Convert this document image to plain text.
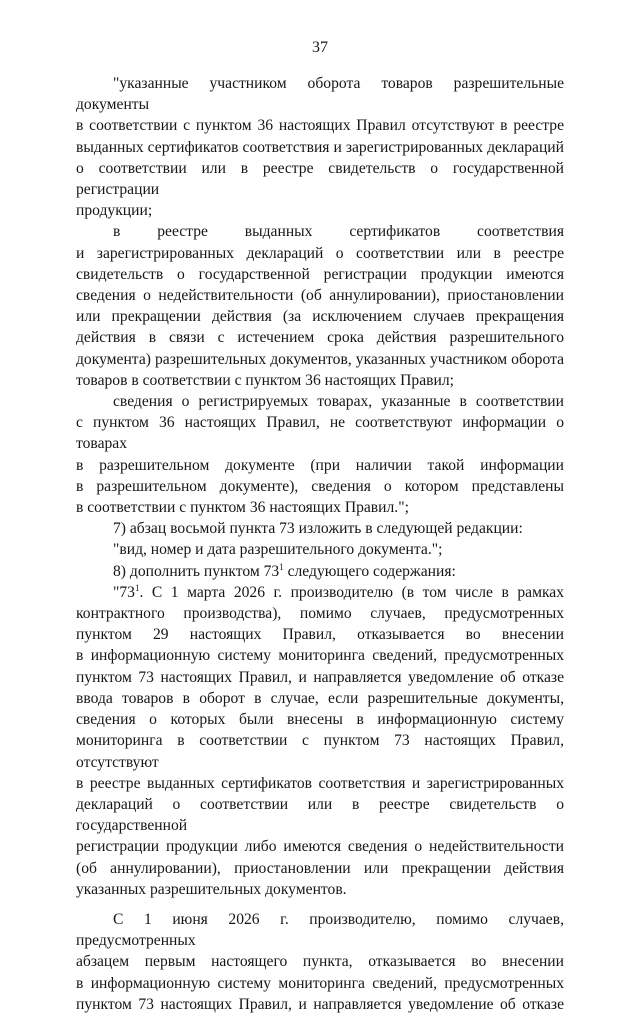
37

"указанные участником оборота товаров разрешительные документы
в соответствии с пунктом 36 настоящих Правил отсутствуют в реестре
выданных сертификатов соответствия и зарегистрированных деклараций
о соответствии или в реестре свидетельств о государственной регистрации
продукции;

в реестре выданных сертификатов соответствия
и зарегистрированных деклараций о соответствии или в реестре
свидетельств о государственной регистрации продукции имеются
сведения о недействительности (об аннулировании), приостановлении
или прекращении действия (за исключением случаев прекращения
действия в связи с истечением срока действия разрешительного
документа) разрешительных документов, указанных участником оборота
товаров в соответствии с пунктом 36 настоящих Правил;

сведения о регистрируемых товарах, указанные в соответствии
с пунктом 36 настоящих Правил, не соответствуют информации о товарах
в разрешительном документе (при наличии такой информации
в разрешительном документе), сведения о котором представлены
в соответствии с пунктом 36 настоящих Правил.";

7) абзац восьмой пункта 73 изложить в следующей редакции:

"вид, номер и дата разрешительного документа.";

8) дополнить пунктом 73$^1$ следующего содержания:

"73$^1$. С 1 марта 2026 г. производителю (в том числе в рамках
контрактного производства), помимо случаев, предусмотренных
пунктом 29 настоящих Правил, отказывается во внесении
в информационную систему мониторинга сведений, предусмотренных
пунктом 73 настоящих Правил, и направляется уведомление об отказе
ввода товаров в оборот в случае, если разрешительные документы,
сведения о которых были внесены в информационную систему
мониторинга в соответствии с пунктом 73 настоящих Правил, отсутствуют
в реестре выданных сертификатов соответствия и зарегистрированных
деклараций о соответствии или в реестре свидетельств о государственной
регистрации продукции либо имеются сведения о недействительности
(об аннулировании), приостановлении или прекращении действия
указанных разрешительных документов.

С 1 июня 2026 г. производителю, помимо случаев, предусмотренных
абзацем первым настоящего пункта, отказывается во внесении
в информационную систему мониторинга сведений, предусмотренных
пунктом 73 настоящих Правил, и направляется уведомление об отказе
